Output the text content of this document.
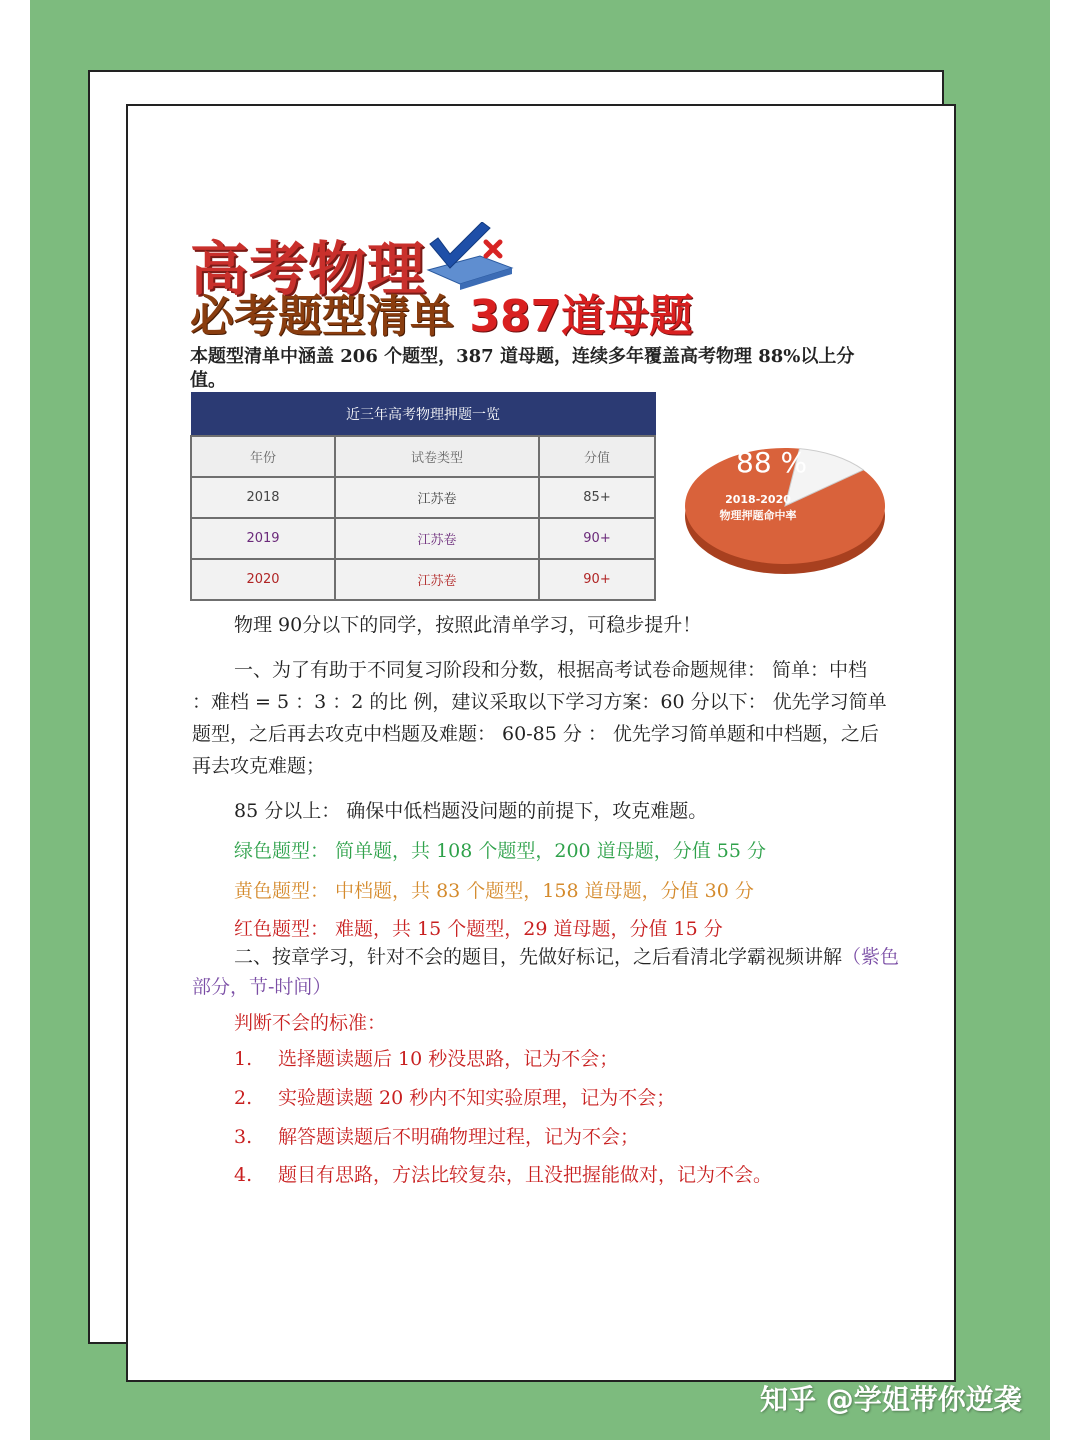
高考物理
必考题型清单 387道母题
本题型清单中涵盖 206 个题型，387 道母题，连续多年覆盖高考物理 88%以上分值。
近三年高考物理押题一览		
年份	试卷类型	分值
2018	江苏卷	85+
2019	江苏卷	90+
2020	江苏卷	90+
88 %
2018-2020
物理押题命中率
物理 90分以下的同学，按照此清单学习，可稳步提升！
一、为了有助于不同复习阶段和分数，根据高考试卷命题规律： 简单：中档 ：难档 = 5 ：3 ：2 的比 例，建议采取以下学习方案：60 分以下： 优先学习简单题型，之后再去攻克中档题及难题： 60-85 分 ： 优先学习简单题和中档题，之后再去攻克难题；
85 分以上： 确保中低档题没问题的前提下，攻克难题。
绿色题型： 简单题，共 108 个题型，200 道母题，分值 55 分
黄色题型： 中档题，共 83 个题型，158 道母题，分值 30 分
红色题型： 难题，共 15 个题型，29 道母题，分值 15 分
二、按章学习，针对不会的题目，先做好标记，之后看清北学霸视频讲解（紫色部分，节-时间）
判断不会的标准：
1. 选择题读题后 10 秒没思路，记为不会；
2. 实验题读题 20 秒内不知实验原理，记为不会；
3. 解答题读题后不明确物理过程，记为不会；
4. 题目有思路，方法比较复杂，且没把握能做对，记为不会。
知乎 @学姐带你逆袭
